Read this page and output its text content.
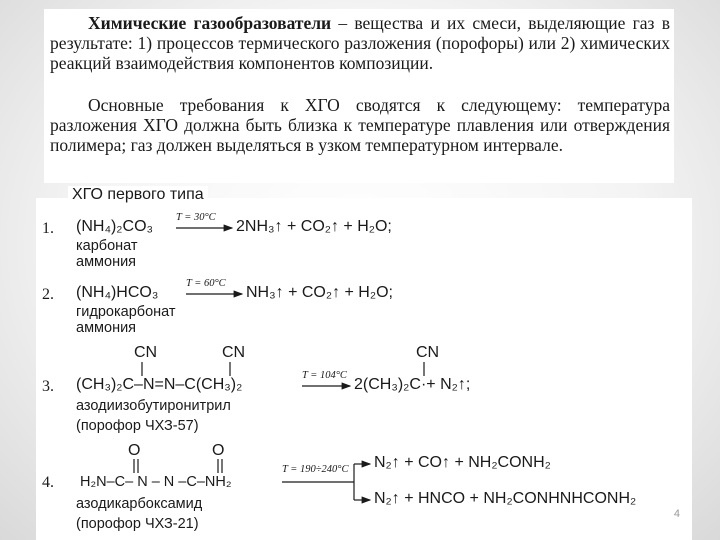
Химические газообразователи – вещества и их смеси, выделяющие газ в результате: 1) процессов термического разложения (порофоры) или 2) химических реакций взаимодействия компонентов композиции.
Основные требования к ХГО сводятся к следующему: температура разложения ХГО должна быть близка к температуре плавления или отверждения полимера; газ должен выделяться в узком температурном интервале.
ХГО первого типа
1. (NH₄)₂CO₃
T = 30°C
2NH₃↑ + CO₂↑ + H₂O;
карбонат
аммония
2. (NH₄)HCO₃
T = 60°C
NH₃↑ + CO₂↑ + H₂O;
гидрокарбонат
аммония
CN	CN	CN
3. (CH₃)₂C–N=N–C(CH₃)₂
T = 104°C
2(CH₃)₂C·+ N₂↑;
азодиизобутиронитрил
(порофор ЧХЗ-57)
O	O
4. H₂N–C– N – N –C–NH₂
T = 190÷240°C N₂↑ + CO↑ + NH₂CONH₂
N₂↑ + HNCO + NH₂CONHNHCONH₂
азодикарбоксамид
(порофор ЧХЗ-21)
4
